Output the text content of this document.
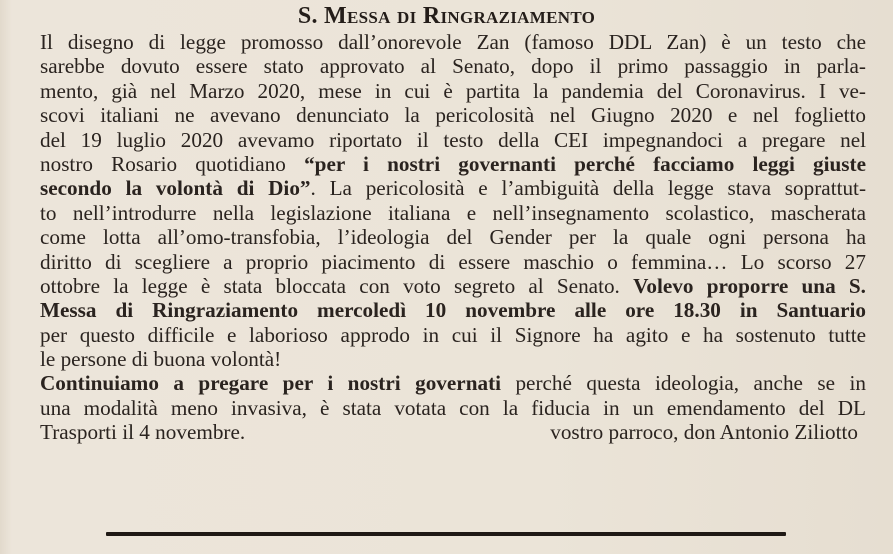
S. Messa di Ringraziamento
Il disegno di legge promosso dall’onorevole Zan (famoso DDL Zan) è un testo che
sarebbe dovuto essere stato approvato al Senato, dopo il primo passaggio in parla-
mento, già nel Marzo 2020, mese in cui è partita la pandemia del Coronavirus. I ve-
scovi italiani ne avevano denunciato la pericolosità nel Giugno 2020 e nel foglietto
del 19 luglio 2020 avevamo riportato il testo della CEI impegnandoci a pregare nel
nostro Rosario quotidiano “per i nostri governanti perché facciamo leggi giuste
secondo la volontà di Dio”. La pericolosità e l’ambiguità della legge stava soprattut-
to nell’introdurre nella legislazione italiana e nell’insegnamento scolastico, mascherata
come lotta all’omo-transfobia, l’ideologia del Gender per la quale ogni persona ha
diritto di scegliere a proprio piacimento di essere maschio o femmina… Lo scorso 27
ottobre la legge è stata bloccata con voto segreto al Senato. Volevo proporre una S.
Messa di Ringraziamento mercoledì 10 novembre alle ore 18.30 in Santuario
per questo difficile e laborioso approdo in cui il Signore ha agito e ha sostenuto tutte
le persone di buona volontà!
Continuiamo a pregare per i nostri governati perché questa ideologia, anche se in
una modalità meno invasiva, è stata votata con la fiducia in un emendamento del DL
Trasporti il 4 novembre.	vostro parroco, don Antonio Ziliotto
